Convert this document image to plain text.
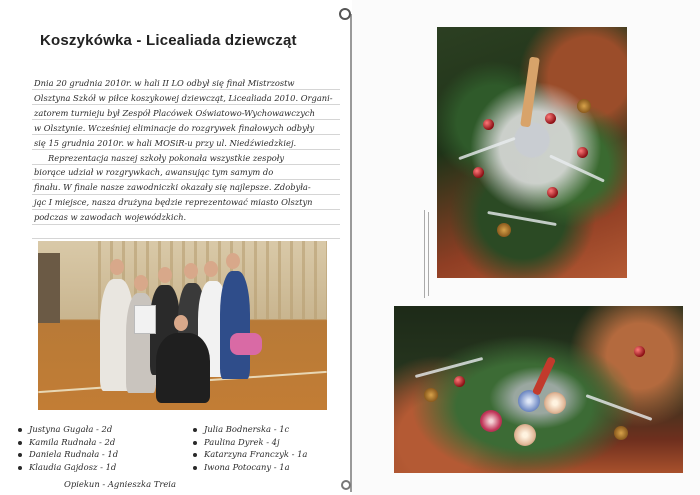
Koszykówka - Licealiada dziewcząt
Dnia 20 grudnia 2010r. w hali II LO odbył się finał Mistrzostw
Olsztyna Szkół w piłce koszykowej dziewcząt, Licealiada 2010. Organi-
zatorem turnieju był Zespół Placówek Oświatowo-Wychowawczych
w Olsztynie. Wcześniej eliminacje do rozgrywek finałowych odbyły
się 15 grudnia 2010r. w hali MOSiR-u przy ul. Niedźwiedzkiej.
Reprezentacja naszej szkoły pokonała wszystkie zespoły
biorące udział w rozgrywkach, awansując tym samym do
finału. W finale nasze zawodniczki okazały się najlepsze. Zdobyła-
jąc I miejsce, nasza drużyna będzie reprezentować miasto Olsztyn
podczas w zawodach wojewódzkich.
Justyna Gugała - 2d
Kamila Rudnała - 2d
Daniela Rudnała - 1d
Klaudia Gajdosz - 1d
Julia Bodnerska - 1c
Paulina Dyrek - 4j
Katarzyna Franczyk - 1a
Iwona Potocany - 1a
Opiekun - Agnieszka Treia
